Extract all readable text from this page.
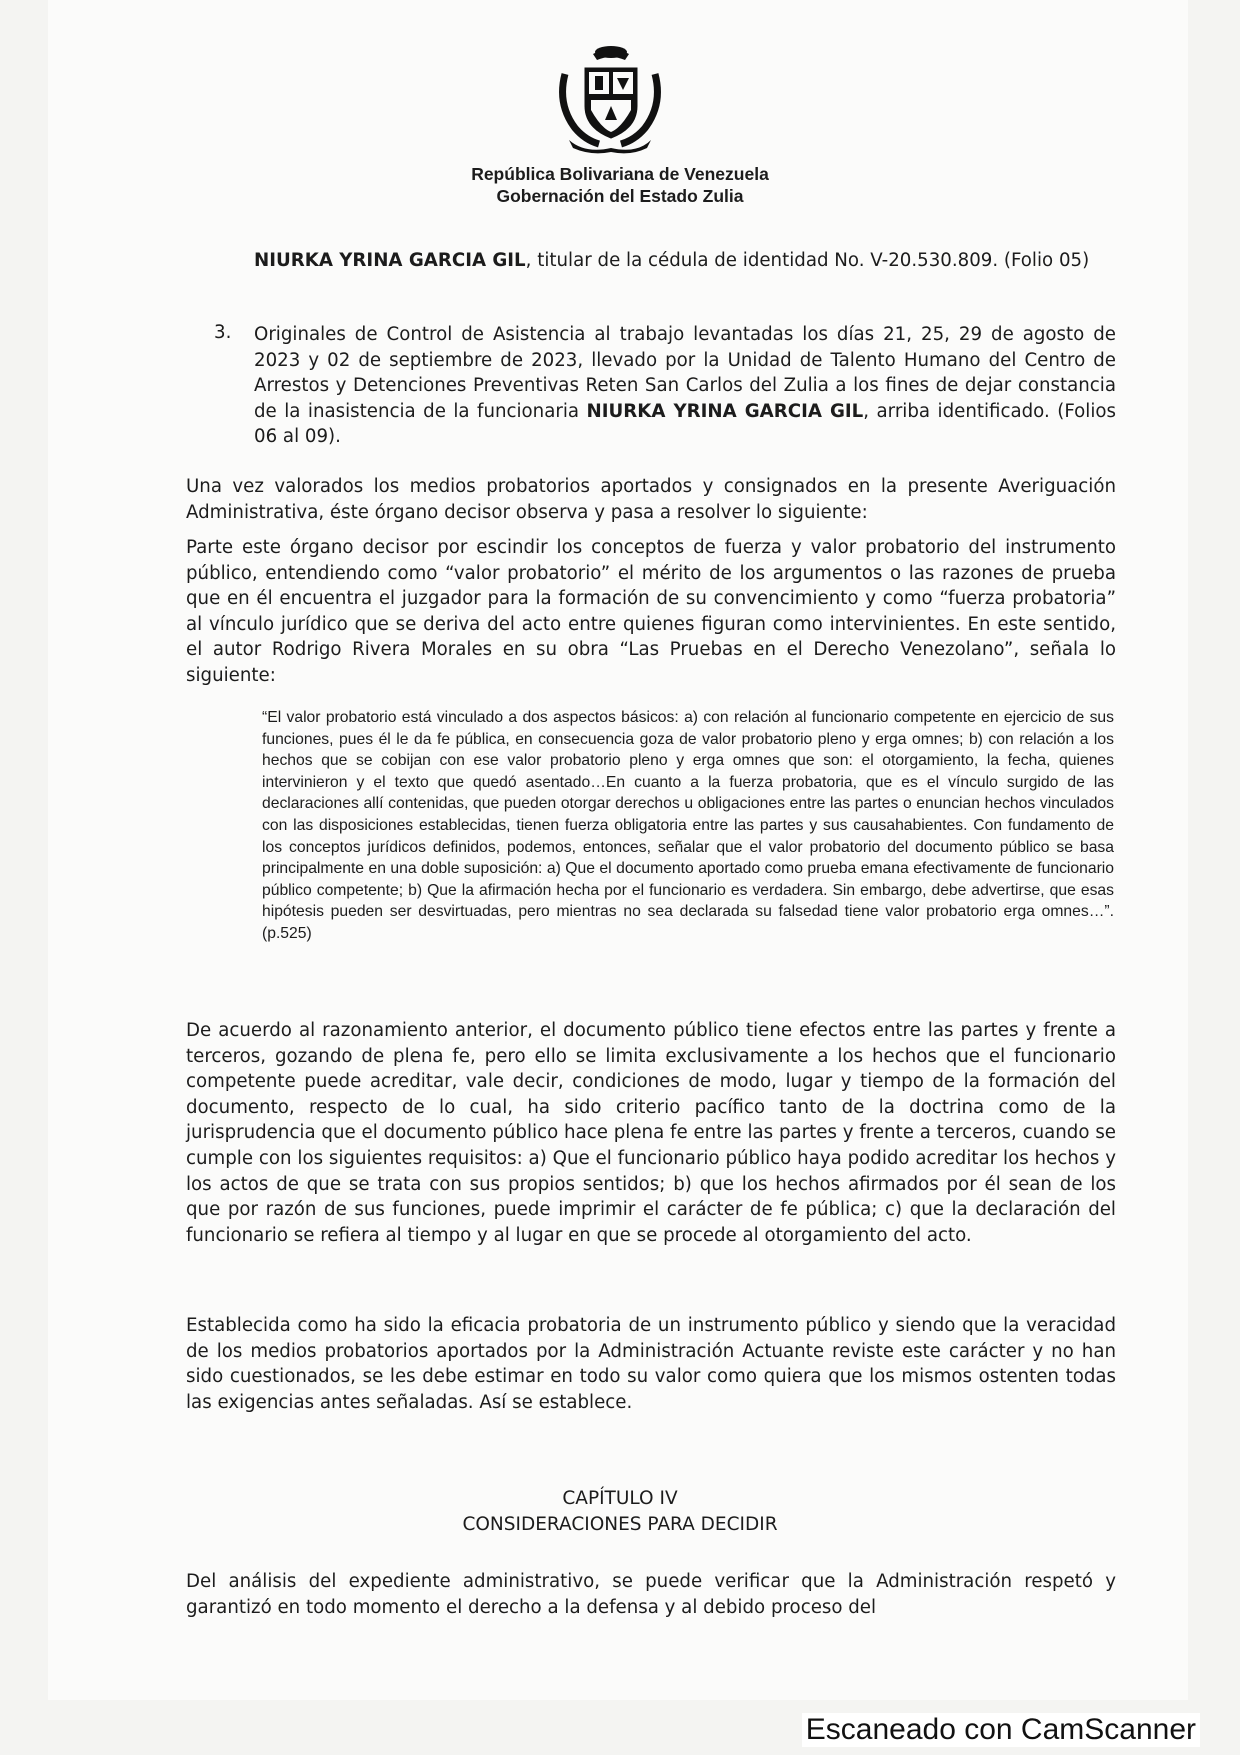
República Bolivariana de Venezuela
Gobernación del Estado Zulia

NIURKA YRINA GARCIA GIL, titular de la cédula de identidad No. V-20.530.809. (Folio 05)

3. Originales de Control de Asistencia al trabajo levantadas los días 21, 25, 29 de agosto de 2023 y 02 de septiembre de 2023, llevado por la Unidad de Talento Humano del Centro de Arrestos y Detenciones Preventivas Reten San Carlos del Zulia a los fines de dejar constancia de la inasistencia de la funcionaria NIURKA YRINA GARCIA GIL, arriba identificado. (Folios 06 al 09).

Una vez valorados los medios probatorios aportados y consignados en la presente Averiguación Administrativa, éste órgano decisor observa y pasa a resolver lo siguiente:

Parte este órgano decisor por escindir los conceptos de fuerza y valor probatorio del instrumento público, entendiendo como “valor probatorio” el mérito de los argumentos o las razones de prueba que en él encuentra el juzgador para la formación de su convencimiento y como “fuerza probatoria” al vínculo jurídico que se deriva del acto entre quienes figuran como intervinientes. En este sentido, el autor Rodrigo Rivera Morales en su obra “Las Pruebas en el Derecho Venezolano”, señala lo siguiente:

“El valor probatorio está vinculado a dos aspectos básicos: a) con relación al funcionario competente en ejercicio de sus funciones, pues él le da fe pública, en consecuencia goza de valor probatorio pleno y erga omnes; b) con relación a los hechos que se cobijan con ese valor probatorio pleno y erga omnes que son: el otorgamiento, la fecha, quienes intervinieron y el texto que quedó asentado…En cuanto a la fuerza probatoria, que es el vínculo surgido de las declaraciones allí contenidas, que pueden otorgar derechos u obligaciones entre las partes o enuncian hechos vinculados con las disposiciones establecidas, tienen fuerza obligatoria entre las partes y sus causahabientes. Con fundamento de los conceptos jurídicos definidos, podemos, entonces, señalar que el valor probatorio del documento público se basa principalmente en una doble suposición: a) Que el documento aportado como prueba emana efectivamente de funcionario público competente; b) Que la afirmación hecha por el funcionario es verdadera. Sin embargo, debe advertirse, que esas hipótesis pueden ser desvirtuadas, pero mientras no sea declarada su falsedad tiene valor probatorio erga omnes…”. (p.525)

De acuerdo al razonamiento anterior, el documento público tiene efectos entre las partes y frente a terceros, gozando de plena fe, pero ello se limita exclusivamente a los hechos que el funcionario competente puede acreditar, vale decir, condiciones de modo, lugar y tiempo de la formación del documento, respecto de lo cual, ha sido criterio pacífico tanto de la doctrina como de la jurisprudencia que el documento público hace plena fe entre las partes y frente a terceros, cuando se cumple con los siguientes requisitos: a) Que el funcionario público haya podido acreditar los hechos y los actos de que se trata con sus propios sentidos; b) que los hechos afirmados por él sean de los que por razón de sus funciones, puede imprimir el carácter de fe pública; c) que la declaración del funcionario se refiera al tiempo y al lugar en que se procede al otorgamiento del acto.

Establecida como ha sido la eficacia probatoria de un instrumento público y siendo que la veracidad de los medios probatorios aportados por la Administración Actuante reviste este carácter y no han sido cuestionados, se les debe estimar en todo su valor como quiera que los mismos ostenten todas las exigencias antes señaladas. Así se establece.

CAPÍTULO IV
CONSIDERACIONES PARA DECIDIR

Del análisis del expediente administrativo, se puede verificar que la Administración respetó y garantizó en todo momento el derecho a la defensa y al debido proceso del

Escaneado con CamScanner
